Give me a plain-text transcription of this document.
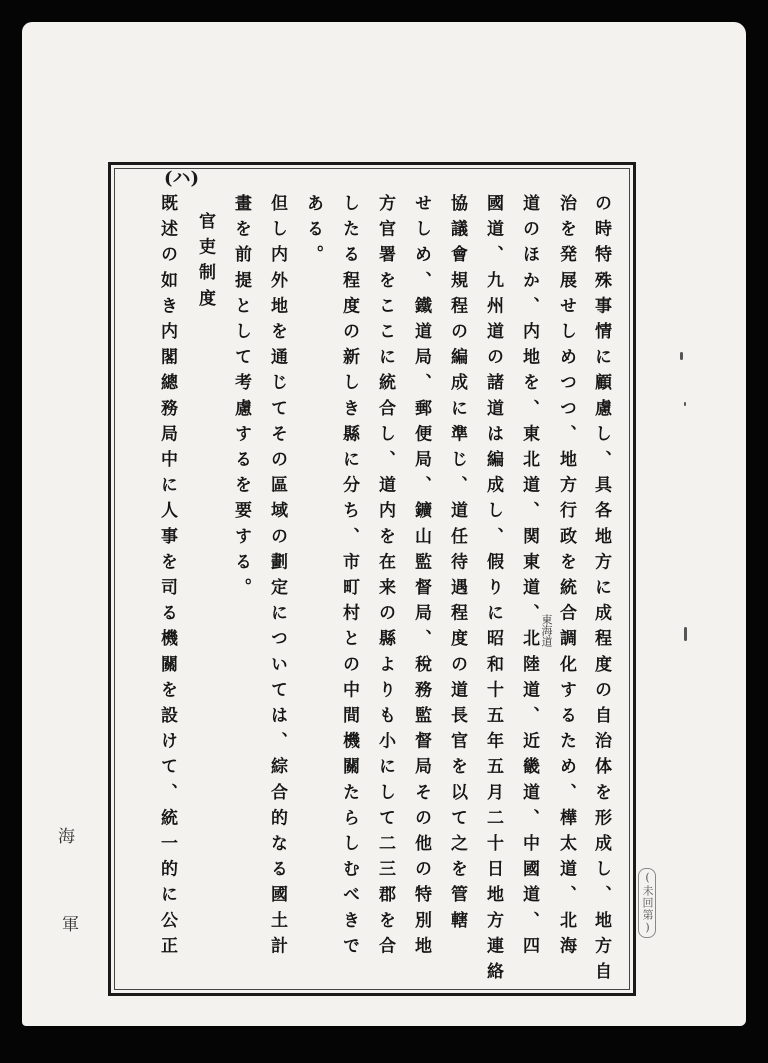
の時特殊事情に顧慮し、具各地方に成程度の自治体を形成し、地方自
治を発展せしめつつ、地方行政を統合調化するため、樺太道、北海
道のほか、内地を、東北道、関東道、北陸道、近畿道、中國道、四
國道、九州道の諸道は編成し、假りに昭和十五年五月二十日地方連絡
協議會規程の編成に準じ、道任待遇程度の道長官を以て之を管轄
せしめ、鐵道局、郵便局、鑛山監督局、稅務監督局その他の特別地
方官署をここに統合し、道内を在来の縣よりも小にして二三郡を合
したる程度の新しき縣に分ち、市町村との中間機關たらしむべきで
ある。
但し内外地を通じてその區域の劃定については、綜合的なる國土計
畫を前提として考慮するを要する。
官吏制度
既述の如き内閣總務局中に人事を司る機關を設けて、統一的に公正
(ハ)
東海道
海
軍	(未回第)
